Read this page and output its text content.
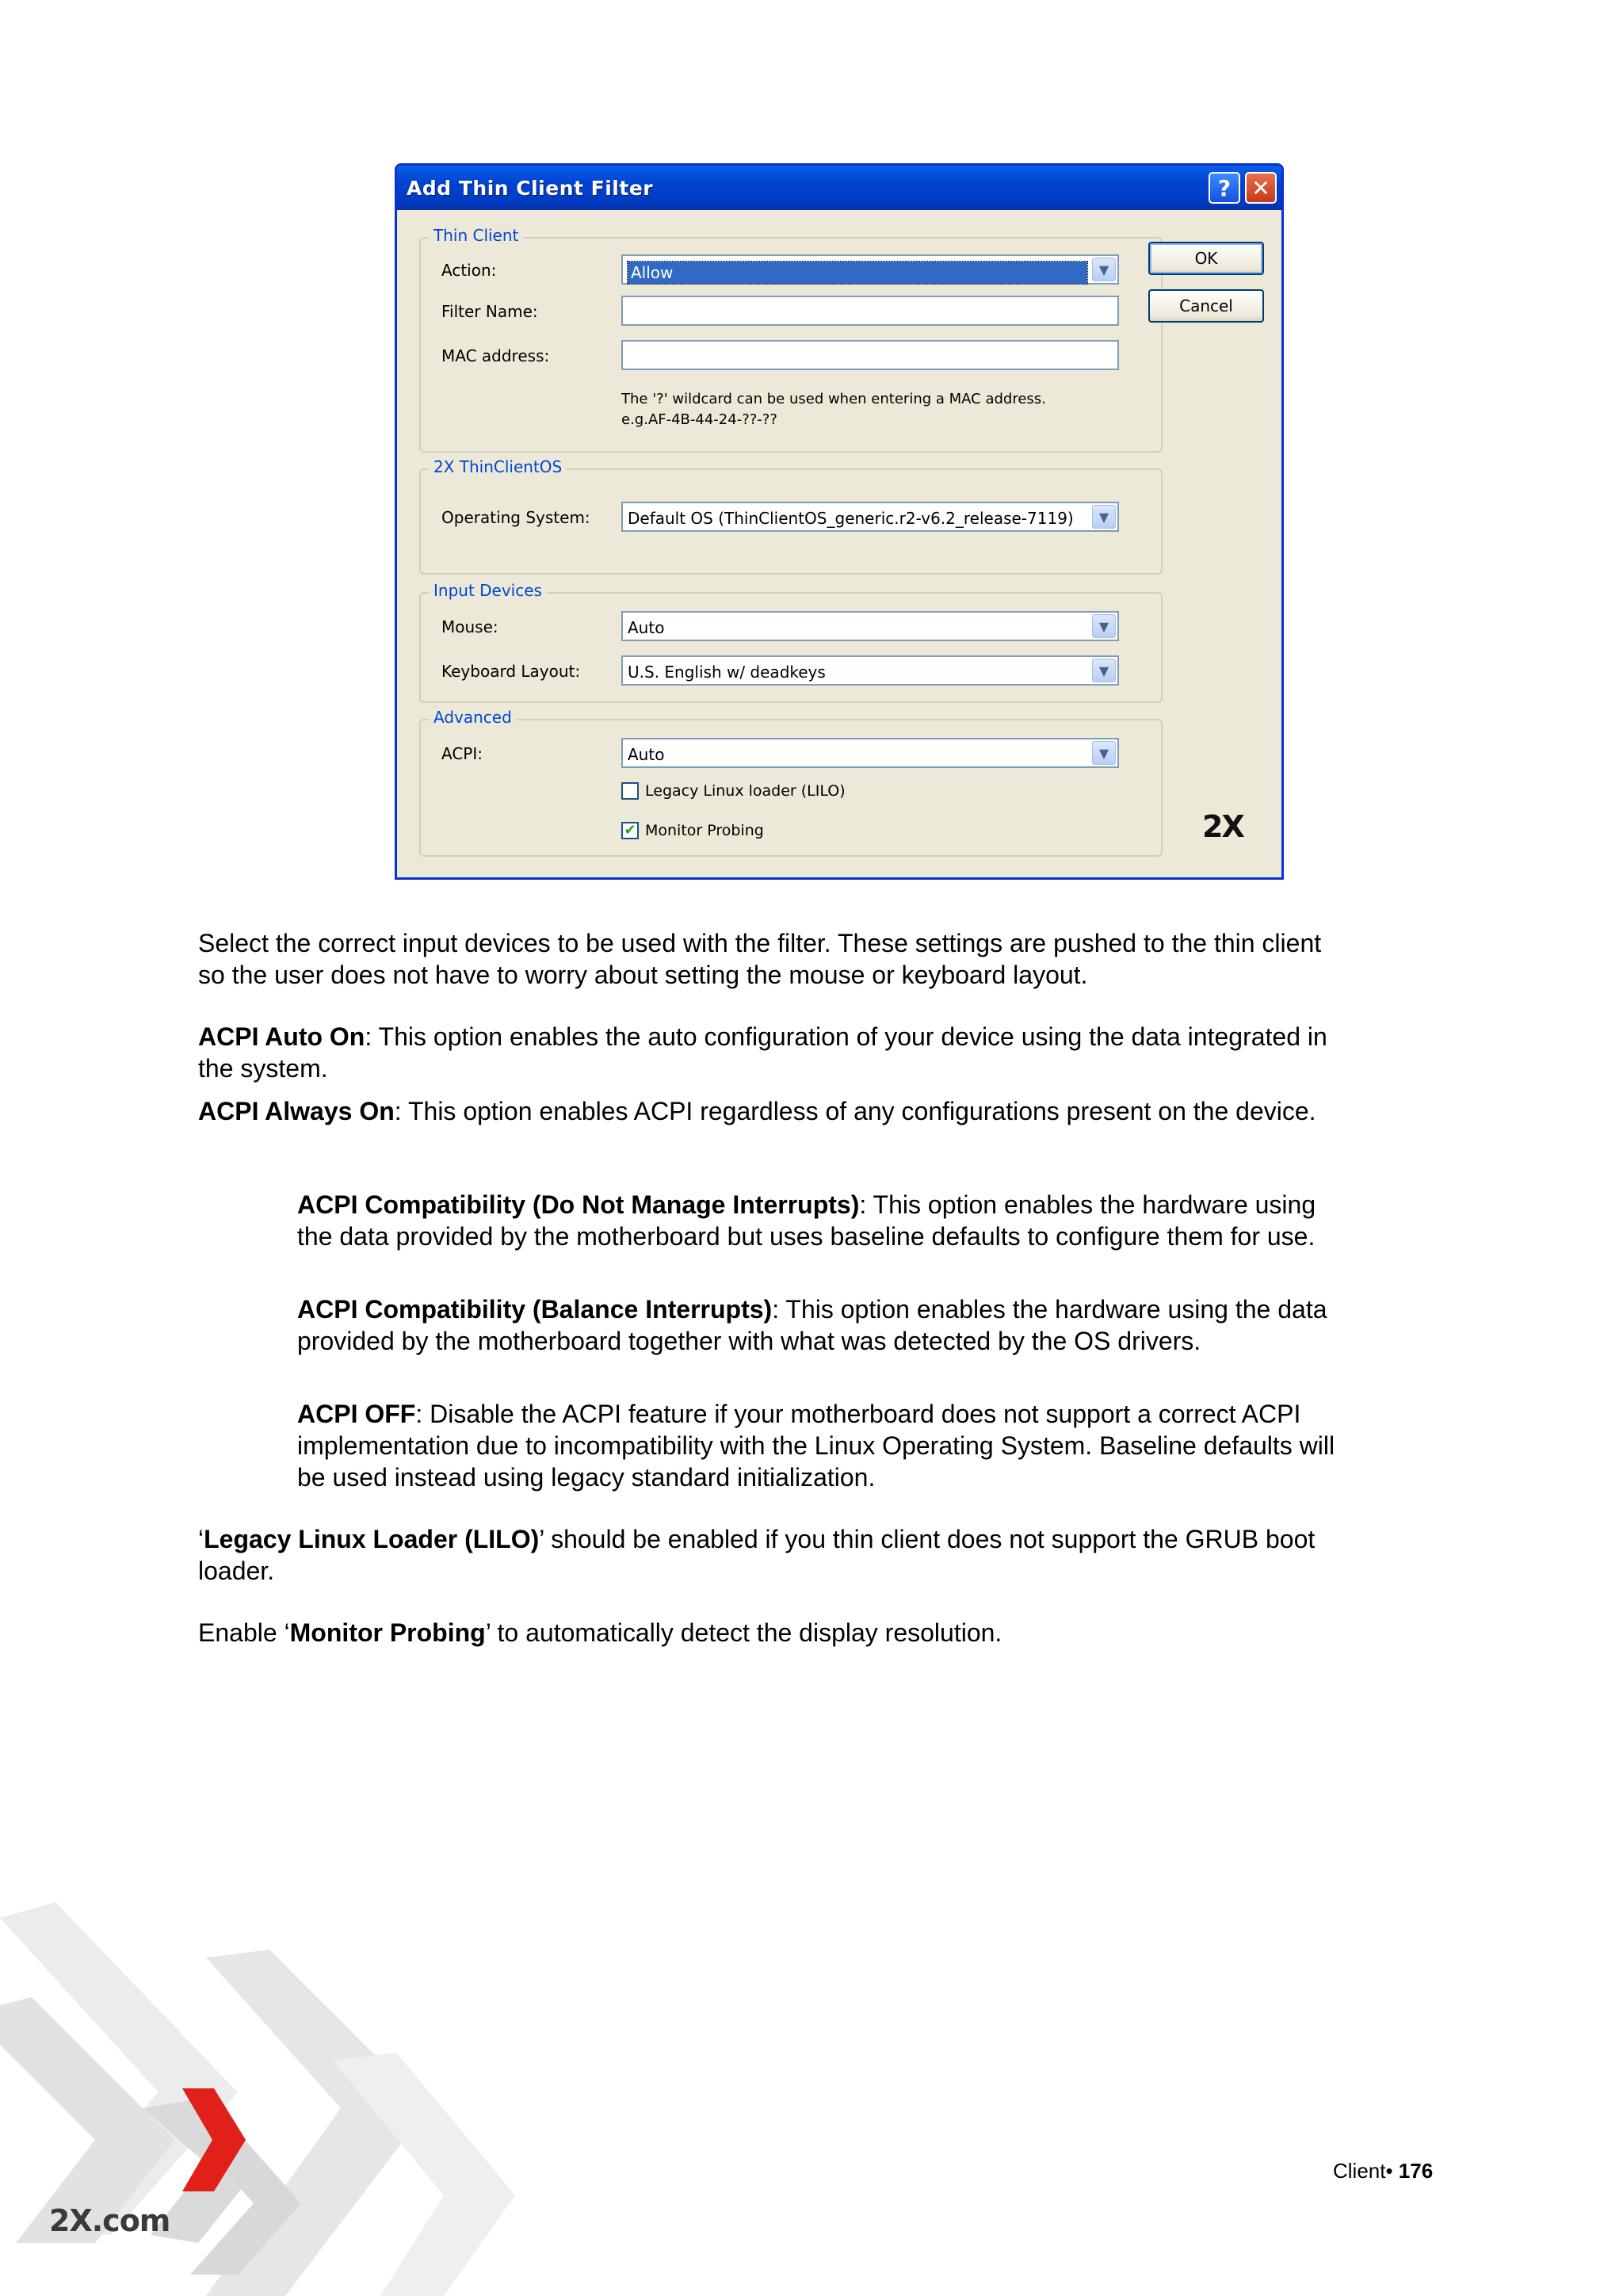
Add Thin Client Filter	? ✕
Thin Client
Action:	Allow	▼
Filter Name:
MAC address:
The '?' wildcard can be used when entering a MAC address.
e.g.AF-4B-44-24-??-??
2X ThinClientOS
Operating System: Default OS (ThinClientOS_generic.r2-v6.2_release-7119)	▼
Input Devices
Mouse:	Auto	▼
Keyboard Layout:	U.S. English w/ deadkeys	▼
Advanced
ACPI:	Auto	▼
Legacy Linux loader (LILO)
✔ Monitor Probing
OK
Cancel
2X
Select the correct input devices to be used with the filter. These settings are pushed to the thin client so the user does not have to worry about setting the mouse or keyboard layout.
ACPI Auto On: This option enables the auto configuration of your device using the data integrated in the system.
ACPI Always On: This option enables ACPI regardless of any configurations present on the device.
ACPI Compatibility (Do Not Manage Interrupts): This option enables the hardware using the data provided by the motherboard but uses baseline defaults to configure them for use.
ACPI Compatibility (Balance Interrupts): This option enables the hardware using the data provided by the motherboard together with what was detected by the OS drivers.
ACPI OFF: Disable the ACPI feature if your motherboard does not support a correct ACPI implementation due to incompatibility with the Linux Operating System. Baseline defaults will be used instead using legacy standard initialization.
‘Legacy Linux Loader (LILO)’ should be enabled if you thin client does not support the GRUB boot loader.
Enable ‘Monitor Probing’ to automatically detect the display resolution.
2X.com
Client• 176
